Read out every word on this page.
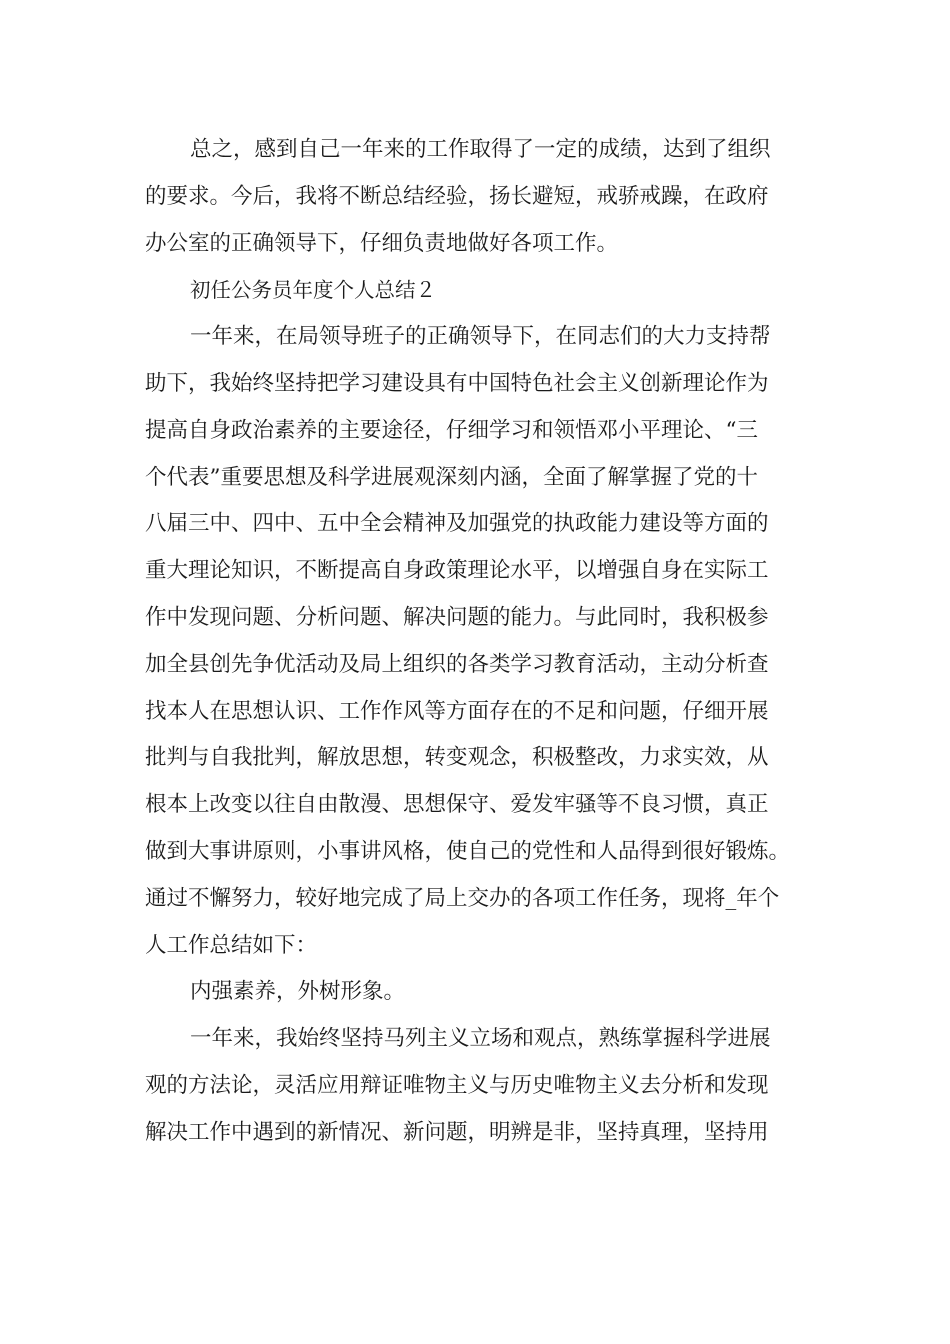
总之，感到自己一年来的工作取得了一定的成绩，达到了组织
的要求。今后，我将不断总结经验，扬长避短，戒骄戒躁，在政府
办公室的正确领导下，仔细负责地做好各项工作。
初任公务员年度个人总结２
一年来，在局领导班子的正确领导下，在同志们的大力支持帮
助下，我始终坚持把学习建设具有中国特色社会主义创新理论作为
提高自身政治素养的主要途径，仔细学习和领悟邓小平理论、“三
个代表”重要思想及科学进展观深刻内涵，全面了解掌握了党的十
八届三中、四中、五中全会精神及加强党的执政能力建设等方面的
重大理论知识，不断提高自身政策理论水平，以增强自身在实际工
作中发现问题、分析问题、解决问题的能力。与此同时，我积极参
加全县创先争优活动及局上组织的各类学习教育活动，主动分析查
找本人在思想认识、工作作风等方面存在的不足和问题，仔细开展
批判与自我批判，解放思想，转变观念，积极整改，力求实效，从
根本上改变以往自由散漫、思想保守、爱发牢骚等不良习惯，真正
做到大事讲原则，小事讲风格，使自己的党性和人品得到很好锻炼。
通过不懈努力，较好地完成了局上交办的各项工作任务，现将_年个
人工作总结如下：
内强素养，外树形象。
一年来，我始终坚持马列主义立场和观点，熟练掌握科学进展
观的方法论，灵活应用辩证唯物主义与历史唯物主义去分析和发现
解决工作中遇到的新情况、新问题，明辨是非，坚持真理，坚持用
